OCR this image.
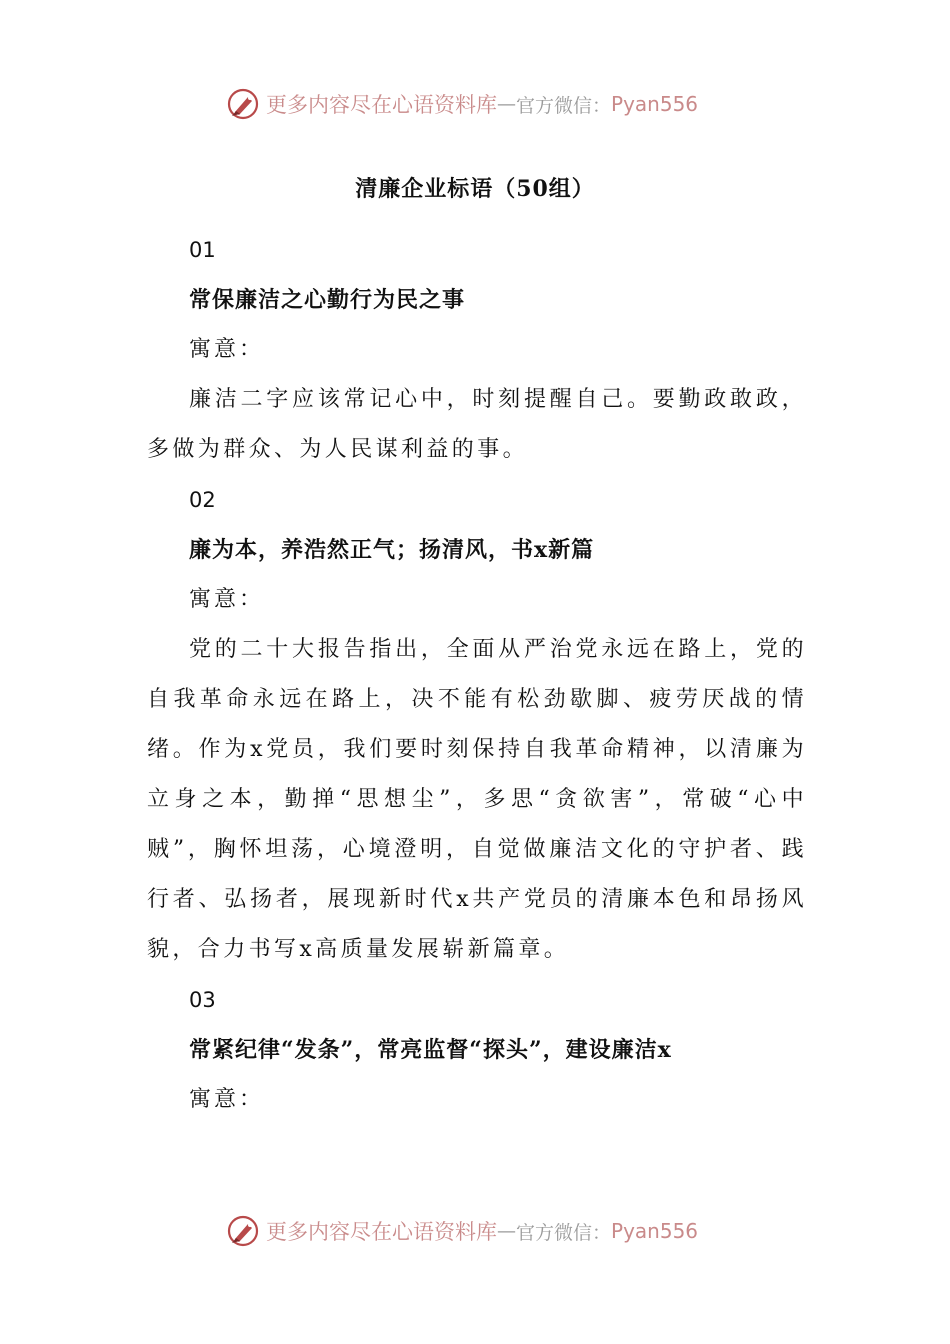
更多内容尽在心语资料库 — 官方微信： Pyan556
清廉企业标语（50组）
01
常保廉洁之心勤行为民之事
寓意：

廉洁二字应该常记心中，时刻提醒自己。要勤政敢政，多做为群众、为人民谋利益的事。

02
廉为本，养浩然正气；扬清风，书x新篇
寓意：

党的二十大报告指出，全面从严治党永远在路上，党的自我革命永远在路上，决不能有松劲歇脚、疲劳厌战的情绪。作为x党员，我们要时刻保持自我革命精神，以清廉为立身之本，勤掸“思想尘”，多思“贪欲害”，常破“心中贼”，胸怀坦荡，心境澄明，自觉做廉洁文化的守护者、践行者、弘扬者，展现新时代x共产党员的清廉本色和昂扬风貌，合力书写x高质量发展崭新篇章。

03
常紧纪律“发条”，常亮监督“探头”，建设廉洁x
寓意：
更多内容尽在心语资料库 — 官方微信： Pyan556
